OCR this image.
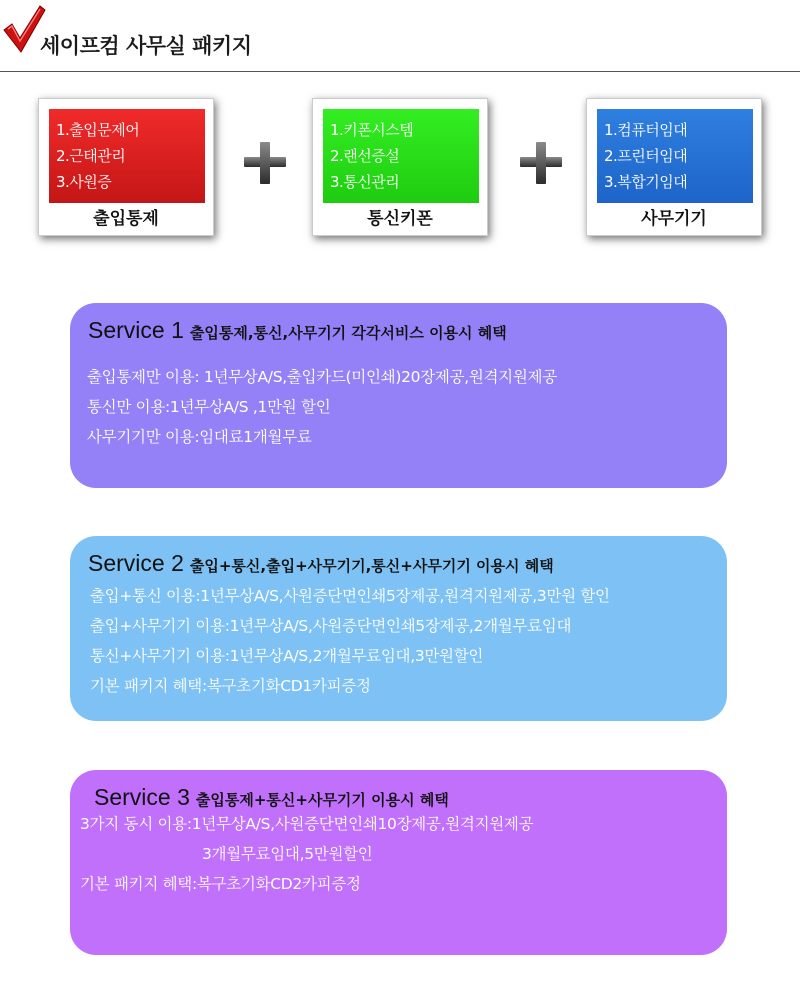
세이프컴 사무실 패키지
1.출입문제어
2.근태관리
3.사원증
출입통제
1.키폰시스템
2.랜선증설
3.통신관리
통신키폰
1.컴퓨터임대
2.프린터임대
3.복합기임대
사무기기
Service 1 출입통제,통신,사무기기 각각서비스 이용시 혜택
출입통제만 이용: 1년무상A/S,출입카드(미인쇄)20장제공,원격지원제공
통신만 이용:1년무상A/S ,1만원 할인
사무기기만 이용:임대료1개월무료
Service 2 출입+통신,출입+사무기기,통신+사무기기 이용시 혜택
출입+통신 이용:1년무상A/S,사원증단면인쇄5장제공,원격지원제공,3만원 할인
출입+사무기기 이용:1년무상A/S,사원증단면인쇄5장제공,2개월무료임대
통신+사무기기 이용:1년무상A/S,2개월무료임대,3만원할인
기본 패키지 혜택:복구초기화CD1카피증정
Service 3 출입통제+통신+사무기기 이용시 혜택
3가지 동시 이용:1년무상A/S,사원증단면인쇄10장제공,원격지원제공
3개월무료임대,5만원할인
기본 패키지 혜택:복구초기화CD2카피증정
